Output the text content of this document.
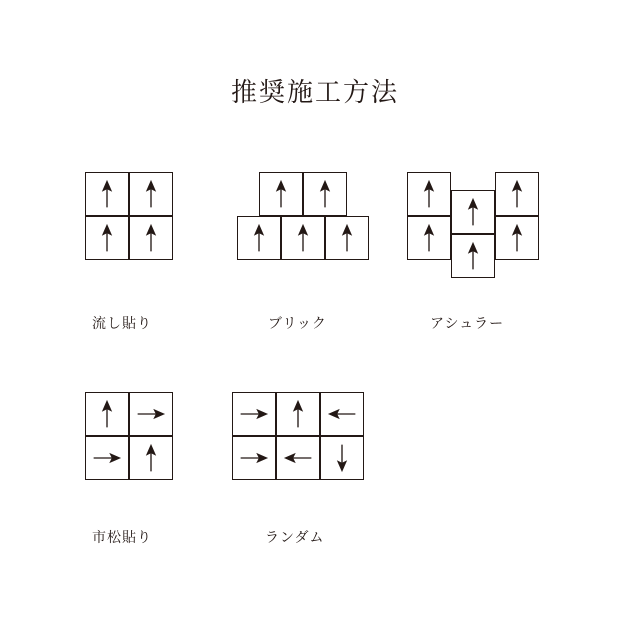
推奨施工方法
流し貼り	ブリック	アシュラー
市松貼り	ランダム
